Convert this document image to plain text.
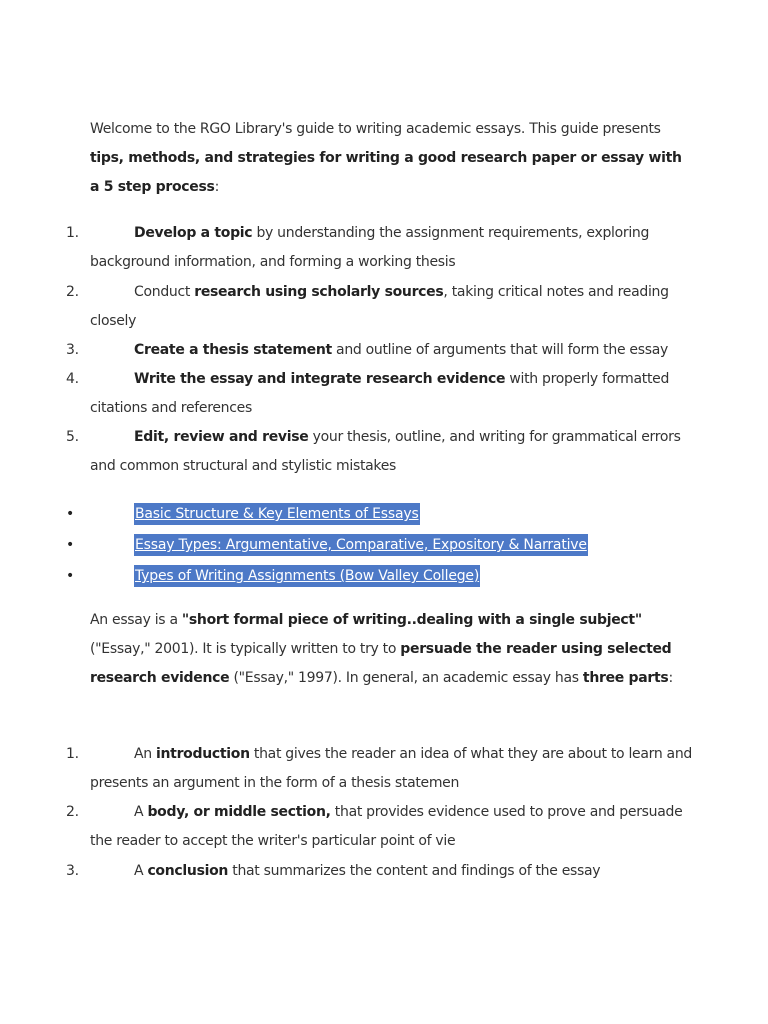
Welcome to the RGO Library's guide to writing academic essays. This guide presents tips, methods, and strategies for writing a good research paper or essay with a 5 step process:
1.	Develop a topic by understanding the assignment requirements, exploring background information, and forming a working thesis
2.	Conduct research using scholarly sources, taking critical notes and reading closely
3.	Create a thesis statement and outline of arguments that will form the essay
4.	Write the essay and integrate research evidence with properly formatted citations and references
5.	Edit, review and revise your thesis, outline, and writing for grammatical errors and common structural and stylistic mistakes
•	Basic Structure & Key Elements of Essays
•	Essay Types: Argumentative, Comparative, Expository & Narrative
•	Types of Writing Assignments (Bow Valley College)
An essay is a "short formal piece of writing..dealing with a single subject" ("Essay," 2001). It is typically written to try to persuade the reader using selected research evidence ("Essay," 1997). In general, an academic essay has three parts:
1.	An introduction that gives the reader an idea of what they are about to learn and presents an argument in the form of a thesis statemen
2.	A body, or middle section, that provides evidence used to prove and persuade the reader to accept the writer's particular point of vie
3.	A conclusion that summarizes the content and findings of the essay
